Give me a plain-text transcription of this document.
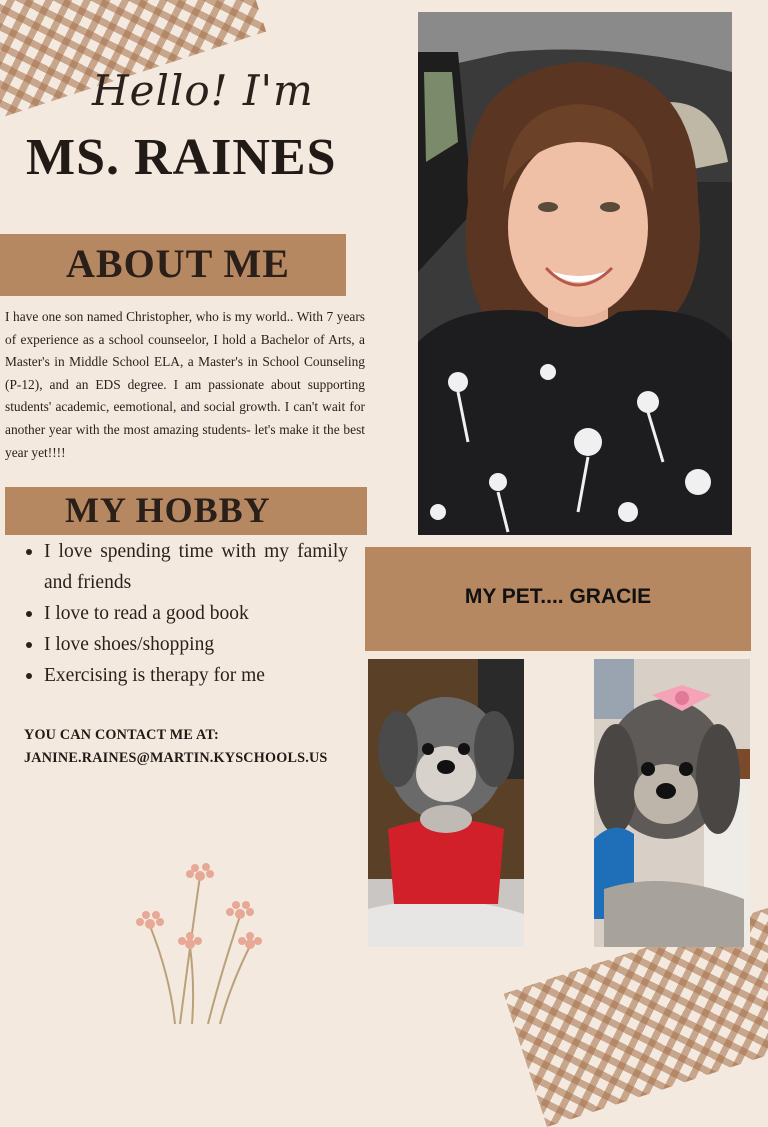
Hello! I'm
MS. RAINES
ABOUT ME
I have one son named Christopher, who is my world.. With 7 years of experience as a school counseelor, I hold a Bachelor of Arts, a Master's in Middle School ELA, a Master's in School Counseling (P-12), and an EDS degree. I am passionate about supporting students' academic, eemotional, and social growth. I can't wait for another year with the most amazing students- let's make it the best year yet!!!!
MY HOBBY
I love spending time with my family and friends
I love to read a good book
I love shoes/shopping
Exercising is therapy for me
YOU CAN CONTACT ME AT:
JANINE.RAINES@MARTIN.KYSCHOOLS.US
MY PET.... GRACIE
